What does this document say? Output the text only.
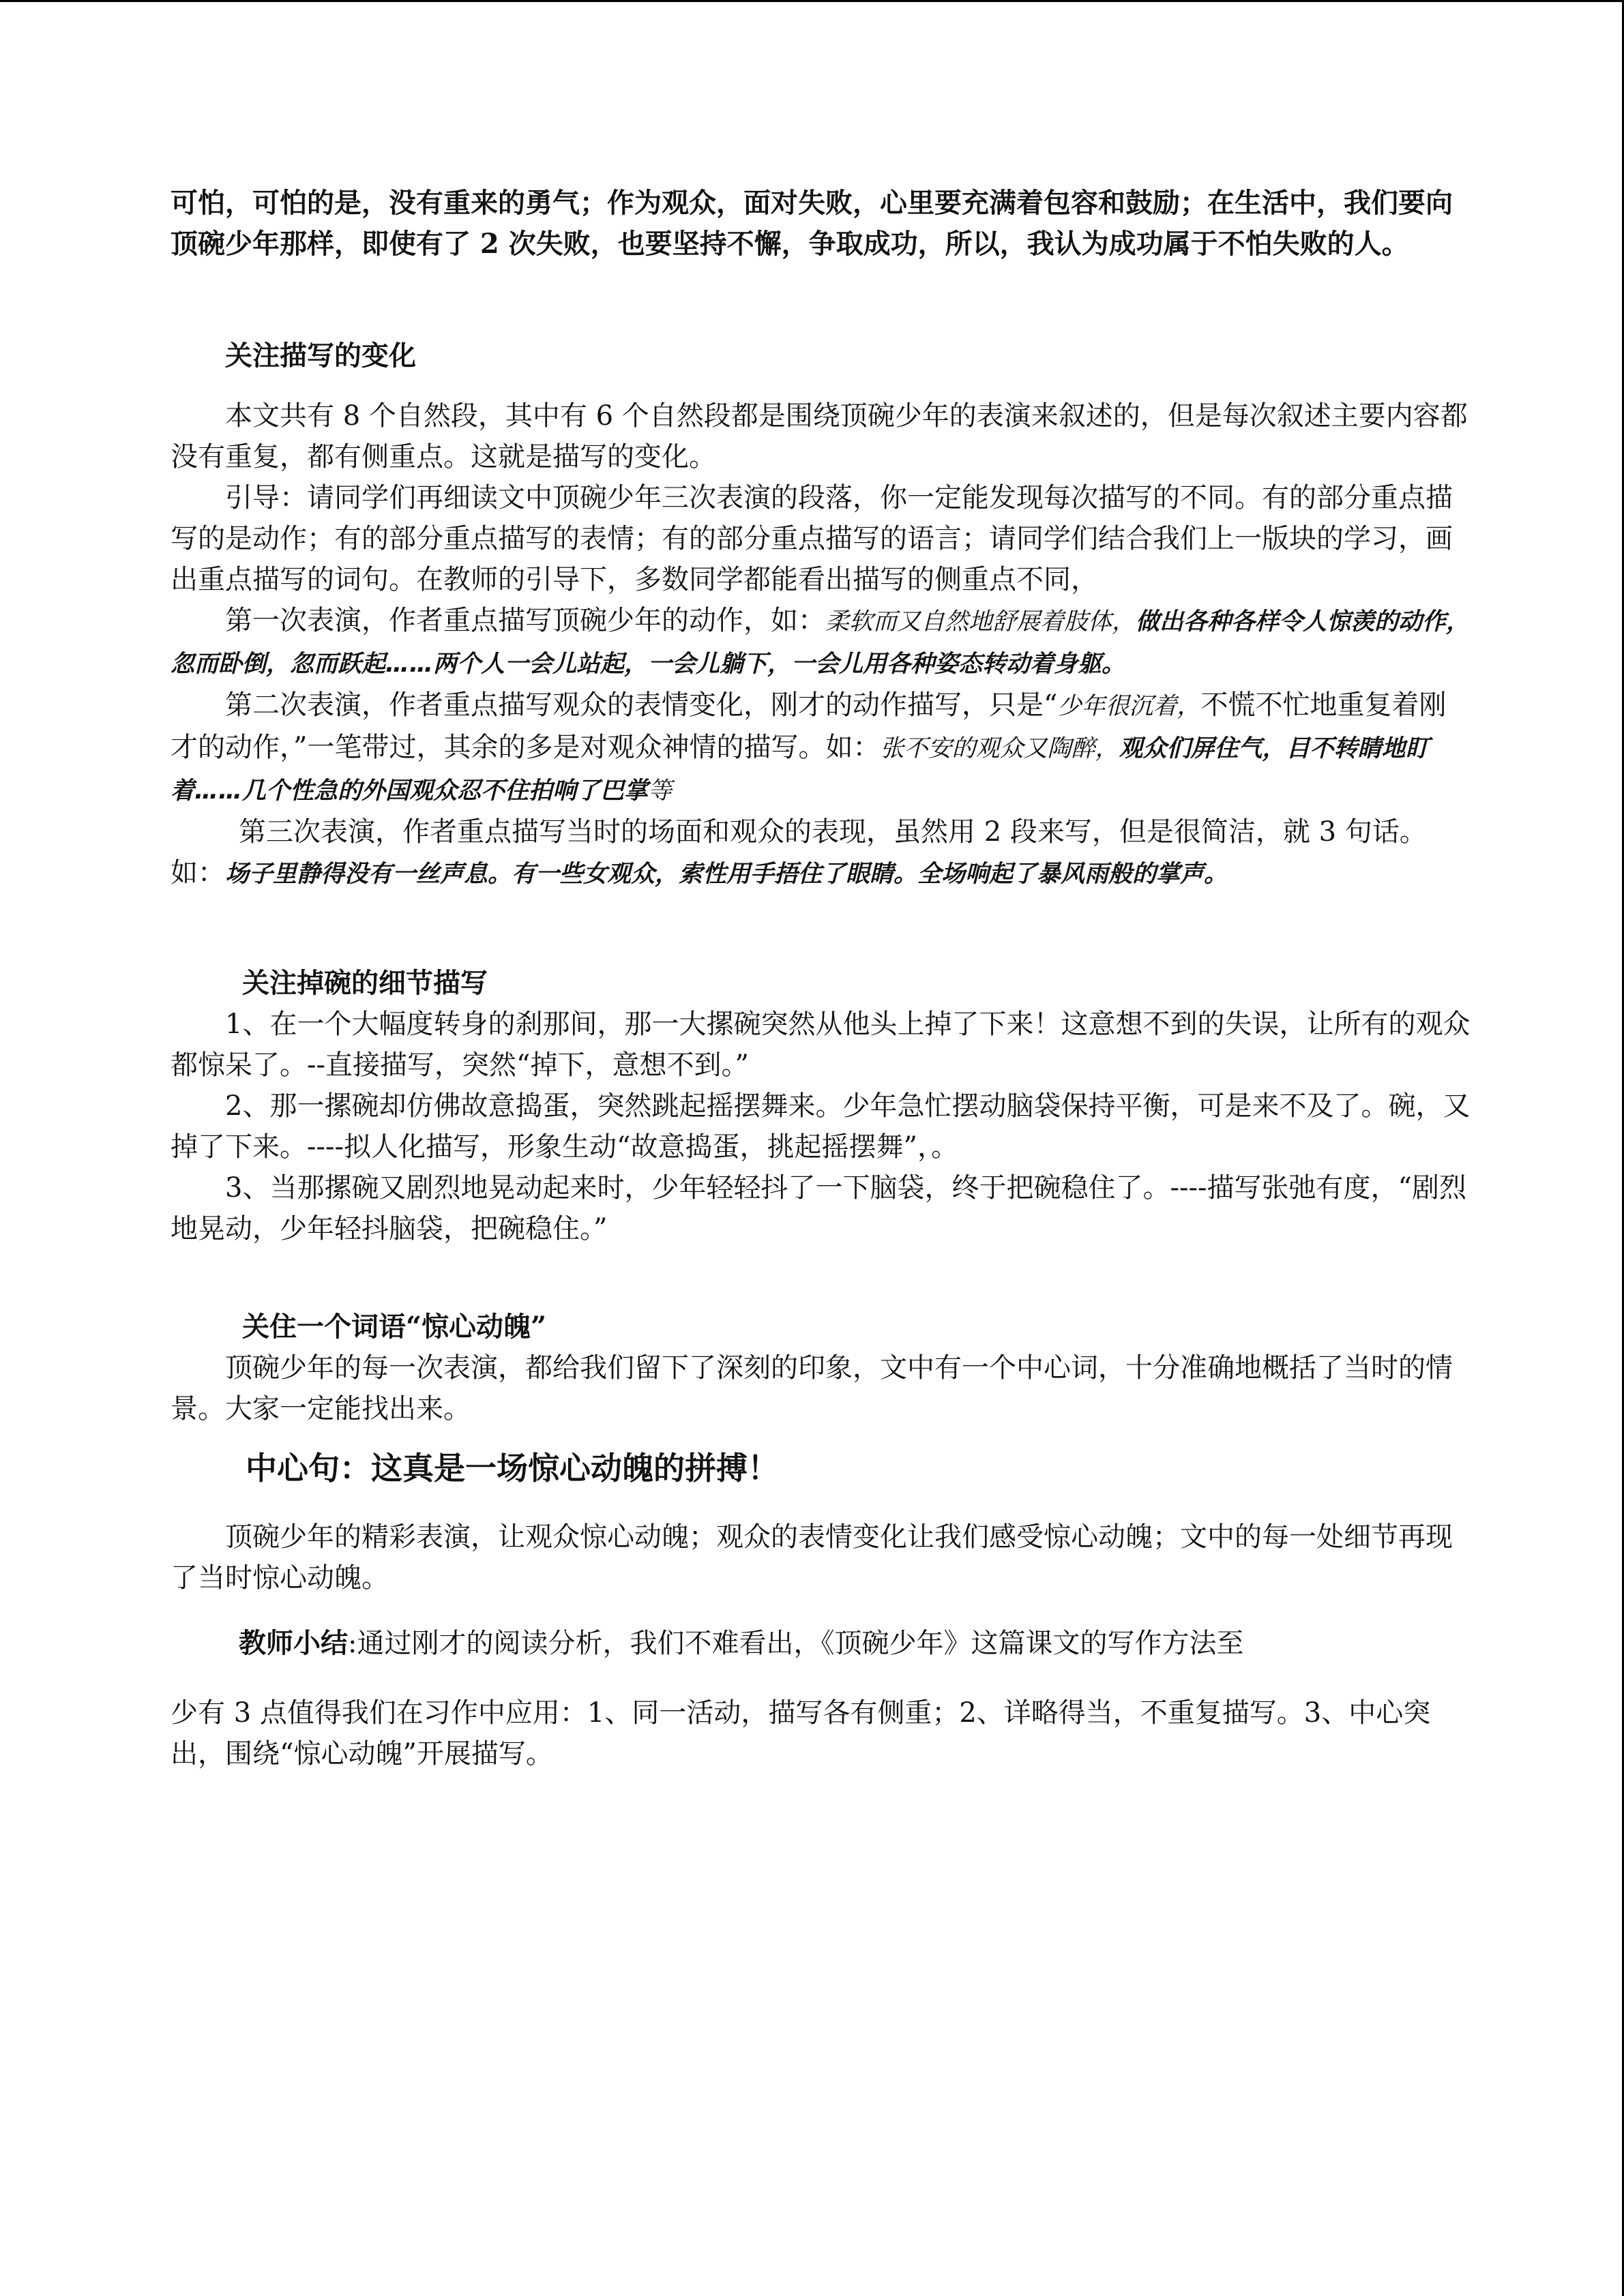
可怕，可怕的是，没有重来的勇气；作为观众，面对失败，心里要充满着包容和鼓励；在生活中，我们要向顶碗少年那样，即使有了 2 次失败，也要坚持不懈，争取成功，所以，我认为成功属于不怕失败的人。

关注描写的变化

本文共有 8 个自然段，其中有 6 个自然段都是围绕顶碗少年的表演来叙述的，但是每次叙述主要内容都没有重复，都有侧重点。这就是描写的变化。

引导：请同学们再细读文中顶碗少年三次表演的段落，你一定能发现每次描写的不同。有的部分重点描写的是动作；有的部分重点描写的表情；有的部分重点描写的语言；请同学们结合我们上一版块的学习，画出重点描写的词句。在教师的引导下，多数同学都能看出描写的侧重点不同，

第一次表演，作者重点描写顶碗少年的动作，如：柔软而又自然地舒展着肢体，做出各种各样令人惊羡的动作，忽而卧倒，忽而跃起……两个人一会儿站起，一会儿躺下，一会儿用各种姿态转动着身躯。

第二次表演，作者重点描写观众的表情变化，刚才的动作描写，只是“少年很沉着，不慌不忙地重复着刚才的动作，”一笔带过，其余的多是对观众神情的描写。如：张不安的观众又陶醉，观众们屏住气，目不转睛地盯着……几个性急的外国观众忍不住拍响了巴掌等

第三次表演，作者重点描写当时的场面和观众的表现，虽然用 2 段来写，但是很简洁，就 3 句话。如：场子里静得没有一丝声息。有一些女观众，索性用手捂住了眼睛。全场响起了暴风雨般的掌声。

关注掉碗的细节描写

1、在一个大幅度转身的刹那间，那一大摞碗突然从他头上掉了下来！这意想不到的失误，让所有的观众都惊呆了。--直接描写，突然“掉下，意想不到。”

2、那一摞碗却仿佛故意捣蛋，突然跳起摇摆舞来。少年急忙摆动脑袋保持平衡，可是来不及了。碗，又掉了下来。----拟人化描写，形象生动“故意捣蛋，挑起摇摆舞”，。

3、当那摞碗又剧烈地晃动起来时，少年轻轻抖了一下脑袋，终于把碗稳住了。----描写张弛有度，“剧烈地晃动，少年轻抖脑袋，把碗稳住。”

关住一个词语“惊心动魄”

顶碗少年的每一次表演，都给我们留下了深刻的印象，文中有一个中心词，十分准确地概括了当时的情景。大家一定能找出来。

中心句：这真是一场惊心动魄的拼搏！

顶碗少年的精彩表演，让观众惊心动魄；观众的表情变化让我们感受惊心动魄；文中的每一处细节再现了当时惊心动魄。

教师小结:通过刚才的阅读分析，我们不难看出，《顶碗少年》这篇课文的写作方法至

少有 3 点值得我们在习作中应用：1、同一活动，描写各有侧重；2、详略得当，不重复描写。3、中心突出，围绕“惊心动魄”开展描写。
